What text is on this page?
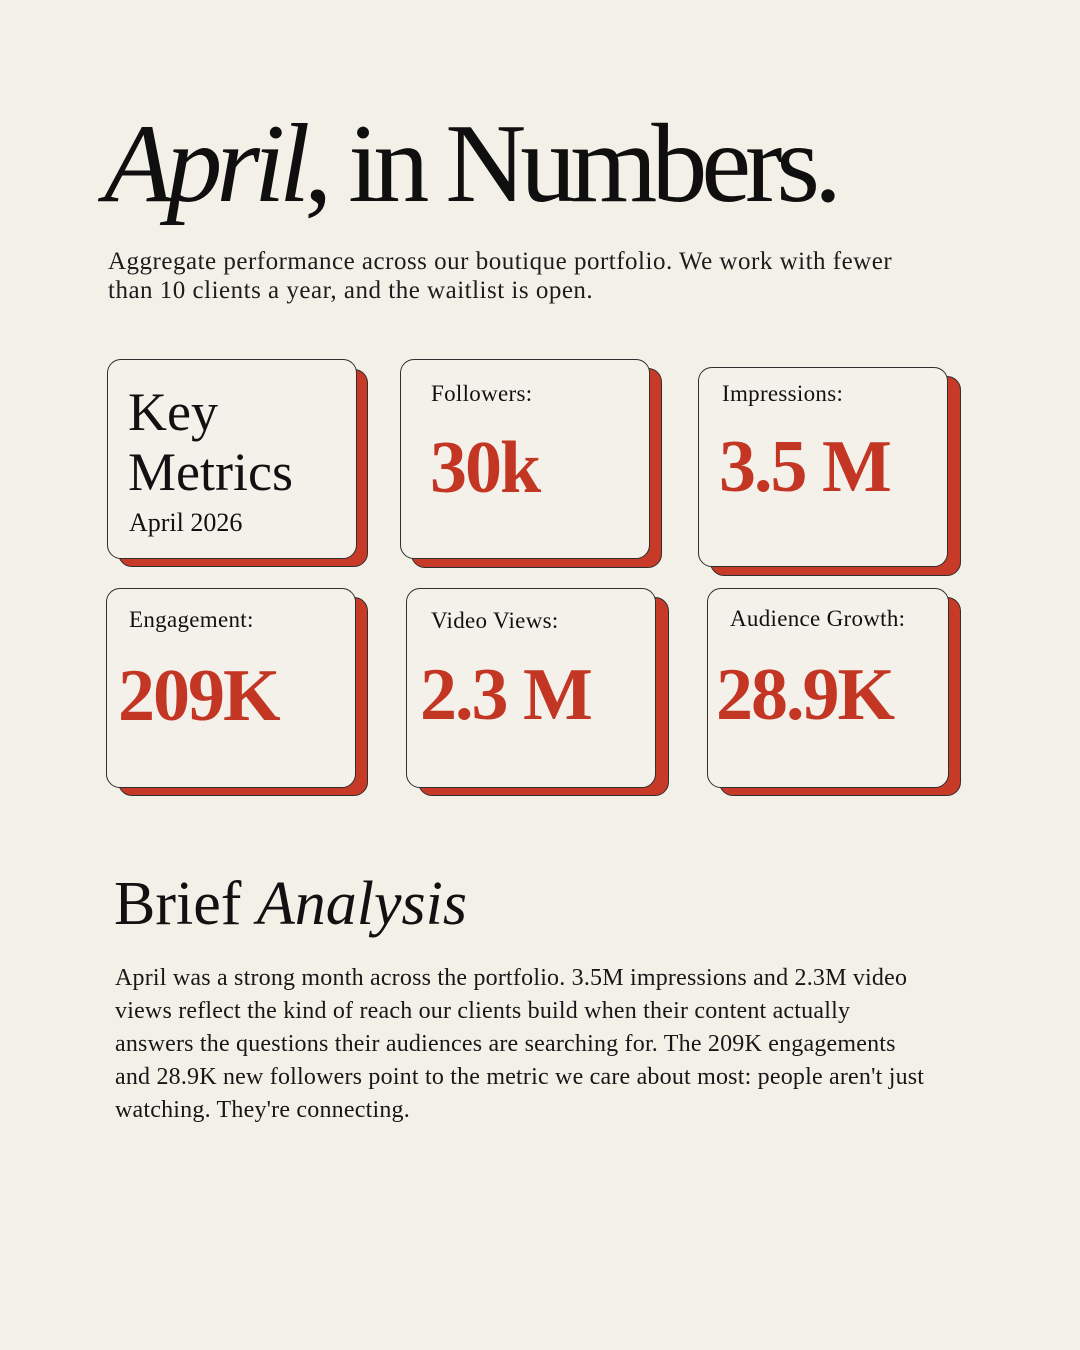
April, in Numbers.

Aggregate performance across our boutique portfolio. We work with fewer than 10 clients a year, and the waitlist is open.

Key
Metrics
April 2026
Followers:
30k
Impressions:
3.5 M
Engagement:
209K
Video Views:
2.3 M
Audience Growth:
28.9K
Brief Analysis

April was a strong month across the portfolio. 3.5M impressions and 2.3M video views reflect the kind of reach our clients build when their content actually answers the questions their audiences are searching for. The 209K engagements and 28.9K new followers point to the metric we care about most: people aren't just watching. They're connecting.
